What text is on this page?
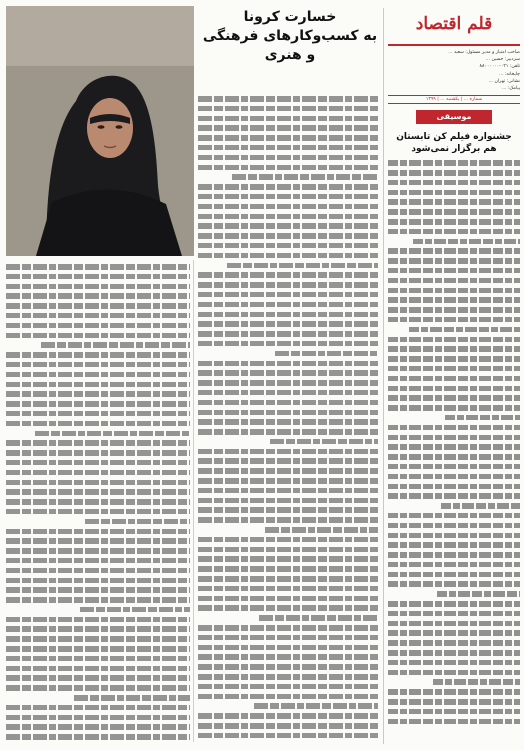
قلم اقتصاد
صاحب امتیاز و مدیر مسئول: سعید ...
سردبیر: حسین ...
تلفن: ۰۲۱-۸۸۰۰۰۰۰۰
چاپخانه: ...
نشانی: تهران ...
پیامک: ...
شماره ... | یکشنبه ... | ۱۳۹۹
موسیقی
جشنواره فیلم کن تابستان
هم برگزار نمی‌شود
خسارت کرونا
به کسب‌وکارهای فرهنگی و هنری
